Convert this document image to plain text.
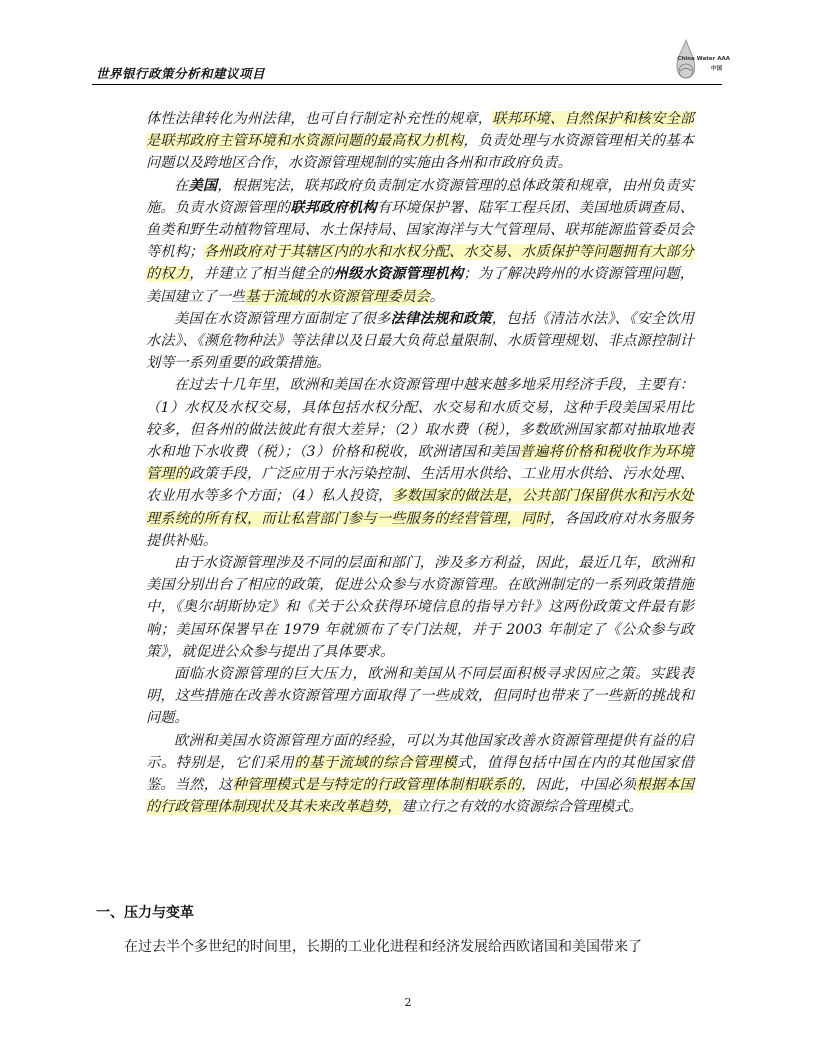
世界银行政策分析和建议项目
China Water AAA
中国

体性法律转化为州法律，也可自行制定补充性的规章，联邦环境、自然保护和核安全部是联邦政府主管环境和水资源问题的最高权力机构，负责处理与水资源管理相关的基本问题以及跨地区合作，水资源管理规制的实施由各州和市政府负责。

在美国，根据宪法，联邦政府负责制定水资源管理的总体政策和规章，由州负责实施。负责水资源管理的联邦政府机构有环境保护署、陆军工程兵团、美国地质调查局、鱼类和野生动植物管理局、水土保持局、国家海洋与大气管理局、联邦能源监管委员会等机构；各州政府对于其辖区内的水和水权分配、水交易、水质保护等问题拥有大部分的权力，并建立了相当健全的州级水资源管理机构；为了解决跨州的水资源管理问题，美国建立了一些基于流域的水资源管理委员会。

美国在水资源管理方面制定了很多法律法规和政策，包括《清洁水法》、《安全饮用水法》、《濒危物种法》等法律以及日最大负荷总量限制、水质管理规划、非点源控制计划等一系列重要的政策措施。

在过去十几年里，欧洲和美国在水资源管理中越来越多地采用经济手段，主要有：（1）水权及水权交易，具体包括水权分配、水交易和水质交易，这种手段美国采用比较多，但各州的做法彼此有很大差异；（2）取水费（税），多数欧洲国家都对抽取地表水和地下水收费（税）；（3）价格和税收，欧洲诸国和美国普遍将价格和税收作为环境管理的政策手段，广泛应用于水污染控制、生活用水供给、工业用水供给、污水处理、农业用水等多个方面；（4）私人投资，多数国家的做法是，公共部门保留供水和污水处理系统的所有权，而让私营部门参与一些服务的经营管理，同时，各国政府对水务服务提供补贴。

由于水资源管理涉及不同的层面和部门，涉及多方利益，因此，最近几年，欧洲和美国分别出台了相应的政策，促进公众参与水资源管理。在欧洲制定的一系列政策措施中，《奥尔胡斯协定》和《关于公众获得环境信息的指导方针》这两份政策文件最有影响；美国环保署早在 1979 年就颁布了专门法规，并于 2003 年制定了《公众参与政策》，就促进公众参与提出了具体要求。

面临水资源管理的巨大压力，欧洲和美国从不同层面积极寻求因应之策。实践表明，这些措施在改善水资源管理方面取得了一些成效，但同时也带来了一些新的挑战和问题。

欧洲和美国水资源管理方面的经验，可以为其他国家改善水资源管理提供有益的启示。特别是，它们采用的基于流域的综合管理模式，值得包括中国在内的其他国家借鉴。当然，这种管理模式是与特定的行政管理体制相联系的，因此，中国必须根据本国的行政管理体制现状及其未来改革趋势，建立行之有效的水资源综合管理模式。

一、压力与变革
在过去半个多世纪的时间里，长期的工业化进程和经济发展给西欧诸国和美国带来了
2
